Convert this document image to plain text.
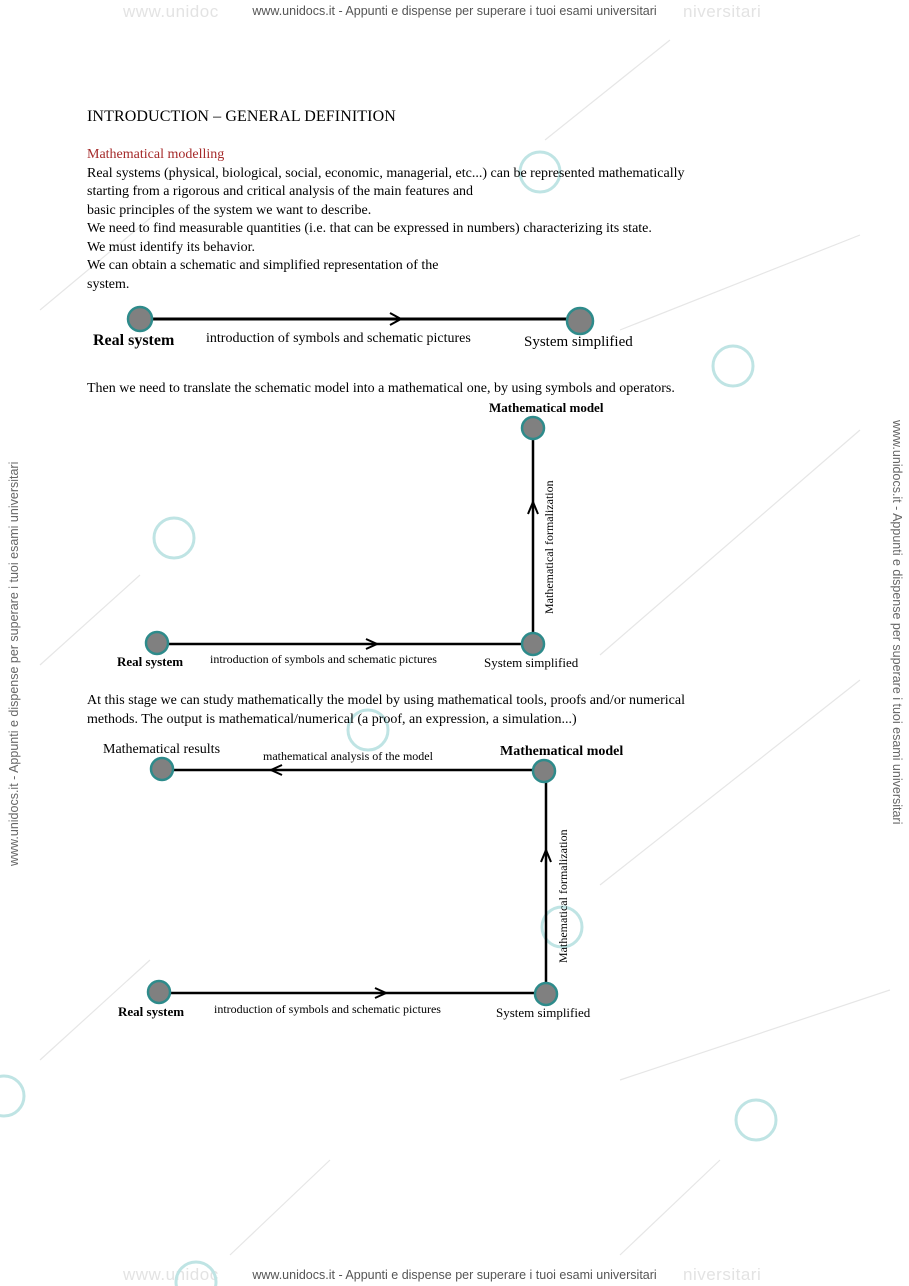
www.unidoc	niversitari
www.unidocs.it - Appunti e dispense per superare i tuoi esami universitari
www.unidoc	niversitari
www.unidocs.it - Appunti e dispense per superare i tuoi esami universitari
www.unidocs.it - Appunti e dispense per superare i tuoi esami universitari	www.unidocs.it - Appunti e dispense per superare i tuoi esami universitari
INTRODUCTION – GENERAL DEFINITION
Mathematical modelling
Real systems (physical, biological, social, economic, managerial, etc...) can be represented mathematically
starting from a rigorous and critical analysis of the main features and
basic principles of the system we want to describe.
We need to find measurable quantities (i.e. that can be expressed in numbers) characterizing its state.
We must identify its behavior.
We can obtain a schematic and simplified representation of the
system.
Real system introduction of symbols and schematic pictures	System simplified
Then we need to translate the schematic model into a mathematical one, by using symbols and operators.
Mathematical model
Mathematical formalization
Real system introduction of symbols and schematic pictures	System simplified
At this stage we can study mathematically the model by using mathematical tools, proofs and/or numerical
methods. The output is mathematical/numerical (a proof, an expression, a simulation...)
Mathematical results	Mathematical model
mathematical analysis of the model
Mathematical formalization
Real system introduction of symbols and schematic pictures	System simplified
